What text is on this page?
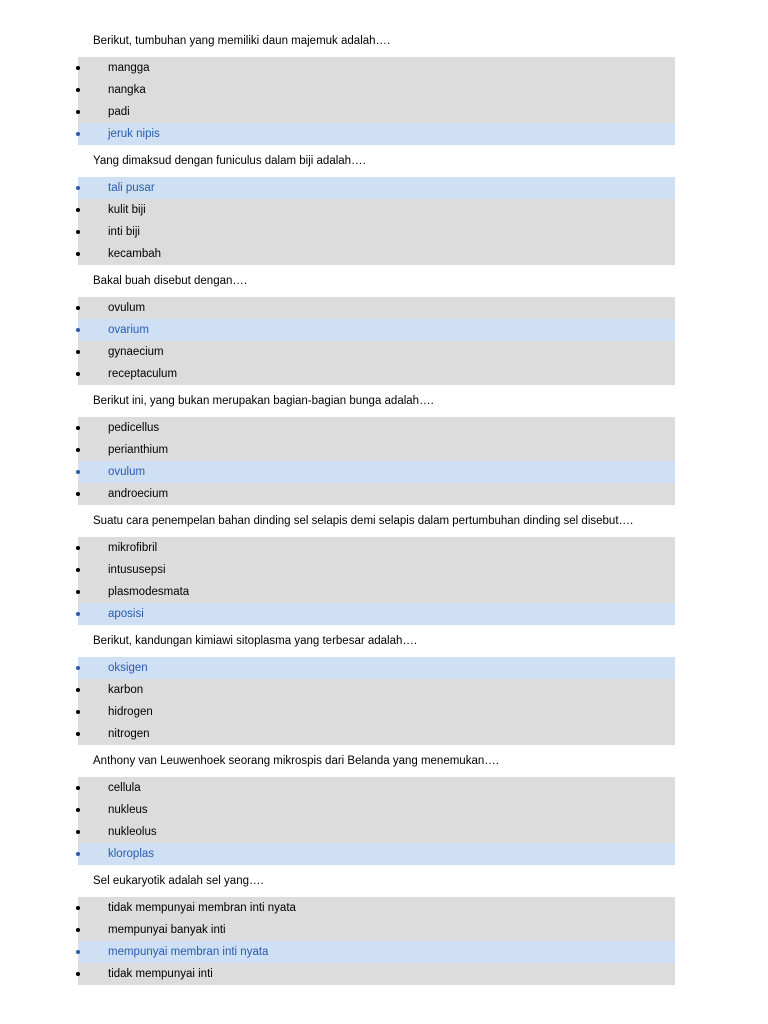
Berikut, tumbuhan yang memiliki daun majemuk adalah….
mangga
nangka
padi
jeruk nipis
Yang dimaksud dengan funiculus dalam biji adalah….
tali pusar
kulit biji
inti biji
kecambah
Bakal buah disebut dengan….
ovulum
ovarium
gynaecium
receptaculum
Berikut ini, yang bukan merupakan bagian-bagian bunga adalah….
pedicellus
perianthium
ovulum
androecium
Suatu cara penempelan bahan dinding sel selapis demi selapis dalam pertumbuhan dinding sel disebut….
mikrofibril
intususepsi
plasmodesmata
aposisi
Berikut, kandungan kimiawi sitoplasma yang terbesar adalah….
oksigen
karbon
hidrogen
nitrogen
Anthony van Leuwenhoek seorang mikrospis dari Belanda yang menemukan….
cellula
nukleus
nukleolus
kloroplas
Sel eukaryotik adalah sel yang….
tidak mempunyai membran inti nyata
mempunyai banyak inti
mempunyai membran inti nyata
tidak mempunyai inti
